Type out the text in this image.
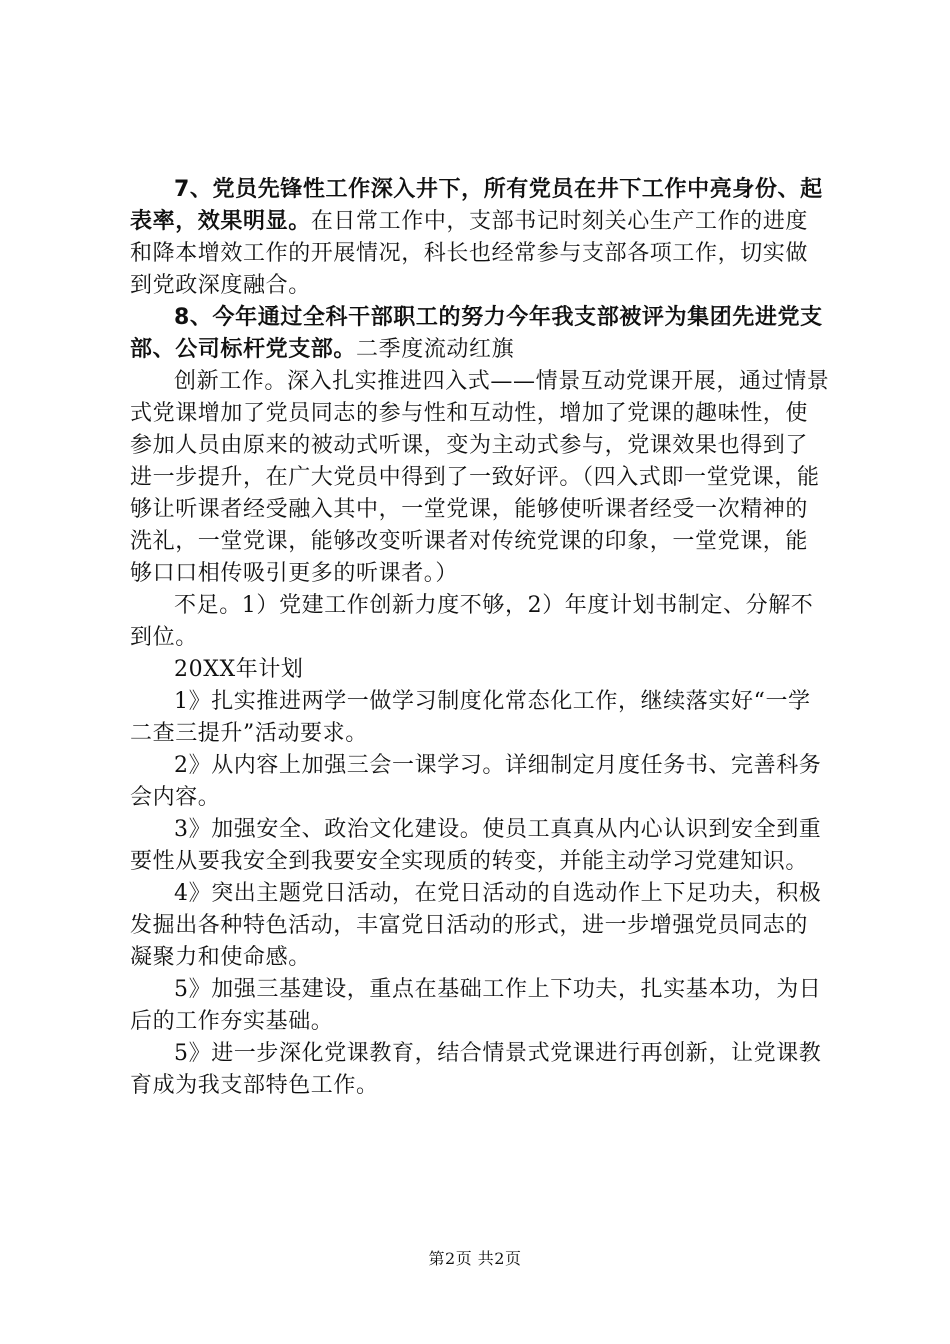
7、党员先锋性工作深入井下，所有党员在井下工作中亮身份、起表率，效果明显。在日常工作中，支部书记时刻关心生产工作的进度和降本增效工作的开展情况，科长也经常参与支部各项工作，切实做到党政深度融合。

8、今年通过全科干部职工的努力今年我支部被评为集团先进党支部、公司标杆党支部。二季度流动红旗

创新工作。深入扎实推进四入式——情景互动党课开展，通过情景式党课增加了党员同志的参与性和互动性，增加了党课的趣味性，使参加人员由原来的被动式听课，变为主动式参与，党课效果也得到了进一步提升，在广大党员中得到了一致好评。（四入式即一堂党课，能够让听课者经受融入其中，一堂党课，能够使听课者经受一次精神的洗礼，一堂党课，能够改变听课者对传统党课的印象，一堂党课，能够口口相传吸引更多的听课者。）

不足。1）党建工作创新力度不够，2）年度计划书制定、分解不到位。

20XX年计划

1》扎实推进两学一做学习制度化常态化工作，继续落实好“一学二查三提升”活动要求。

2》从内容上加强三会一课学习。详细制定月度任务书、完善科务会内容。

3》加强安全、政治文化建设。使员工真真从内心认识到安全到重要性从要我安全到我要安全实现质的转变，并能主动学习党建知识。

4》突出主题党日活动，在党日活动的自选动作上下足功夫，积极发掘出各种特色活动，丰富党日活动的形式，进一步增强党员同志的凝聚力和使命感。

5》加强三基建设，重点在基础工作上下功夫，扎实基本功，为日后的工作夯实基础。

5》进一步深化党课教育，结合情景式党课进行再创新，让党课教育成为我支部特色工作。

第2页 共2页
